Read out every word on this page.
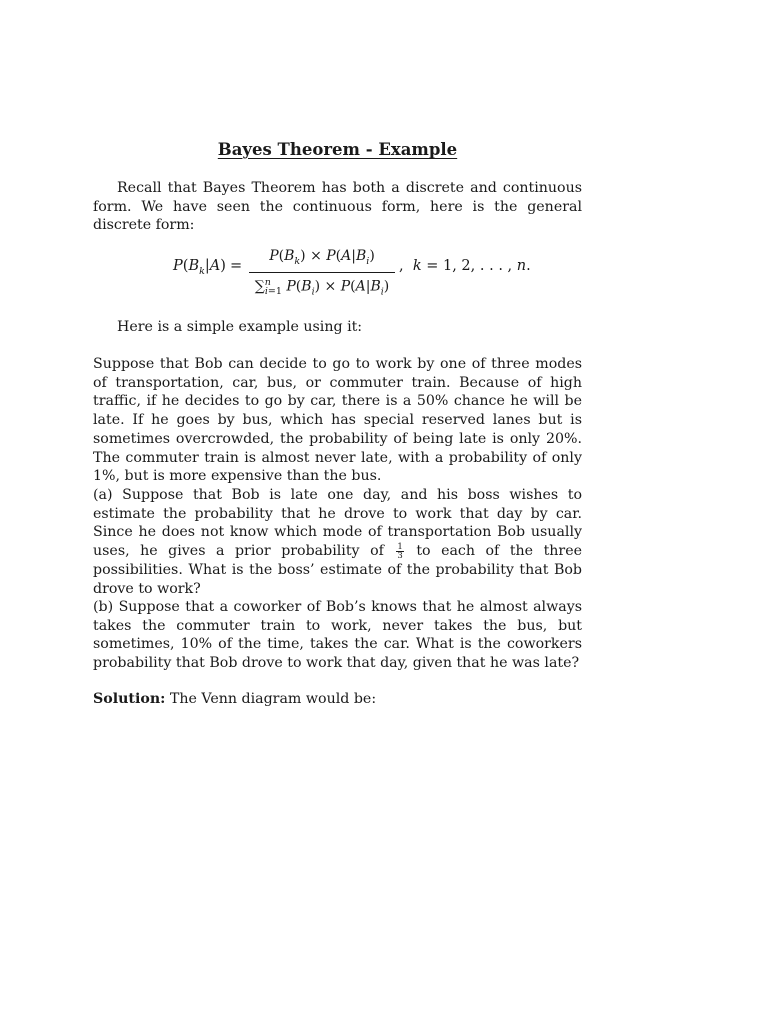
Bayes Theorem - Example

Recall that Bayes Theorem has both a discrete and continuous form. We have seen the continuous form, here is the general discrete form:

$P(B_k|A)$ =
$P(B_k) \times P(A|B_i)$
∑$^n_{i=1}$ $P(B_i) \times P(A|B_i)$
,  k = 1, 2, . . . , n.

Here is a simple example using it:

Suppose that Bob can decide to go to work by one of three modes of transportation, car, bus, or commuter train. Because of high traffic, if he decides to go by car, there is a 50% chance he will be late. If he goes by bus, which has special reserved lanes but is sometimes overcrowded, the probability of being late is only 20%. The commuter train is almost never late, with a probability of only 1%, but is more expensive than the bus.

(a) Suppose that Bob is late one day, and his boss wishes to estimate the probability that he drove to work that day by car. Since he does not know which mode of transportation Bob usually uses, he gives a prior probability of $\frac{1}{3}$ to each of the three possibilities. What is the boss’ estimate of the probability that Bob drove to work?

(b) Suppose that a coworker of Bob’s knows that he almost always takes the commuter train to work, never takes the bus, but sometimes, 10% of the time, takes the car. What is the coworkers probability that Bob drove to work that day, given that he was late?

Solution: The Venn diagram would be:
